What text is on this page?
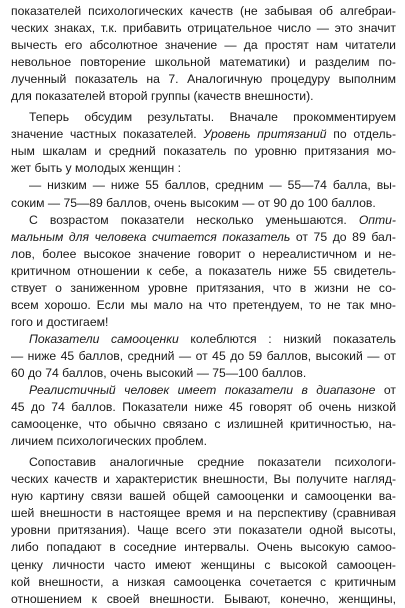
показателей психологических качеств (не забывая об алгебраи-
ческих знаках, т.к. прибавить отрицательное число — это значит
вычесть его абсолютное значение — да простят нам читатели
невольное повторение школьной математики) и разделим по-
лученный показатель на 7. Аналогичную процедуру выполним
для показателей второй группы (качеств внешности).

Теперь обсудим результаты. Вначале прокомментируем
значение частных показателей. Уровень притязаний по отдель-
ным шкалам и средний показатель по уровню притязания мо-
жет быть у молодых женщин :

— низким — ниже 55 баллов, средним — 55—74 балла, вы-
соким — 75—89 баллов, очень высоким — от 90 до 100 баллов.

С возрастом показатели несколько уменьшаются. Опти-
мальным для человека считается показатель от 75 до 89 бал-
лов, более высокое значение говорит о нереалистичном и не-
критичном отношении к себе, а показатель ниже 55 свидетель-
ствует о заниженном уровне притязания, что в жизни не со-
всем хорошо. Если мы мало на что претендуем, то не так мно-
гого и достигаем!

Показатели самооценки колеблются : низкий показатель
— ниже 45 баллов, средний — от 45 до 59 баллов, высокий — от
60 до 74 баллов, очень высокий — 75—100 баллов.

Реалистичный человек имеет показатели в диапазоне от
45 до 74 баллов. Показатели ниже 45 говорят об очень низкой
самооценке, что обычно связано с излишней критичностью, на-
личием психологических проблем.

Сопоставив аналогичные средние показатели психологи-
ческих качеств и характеристик внешности, Вы получите нагляд-
ную картину связи вашей общей самооценки и самооценки ва-
шей внешности в настоящее время и на перспективу (сравнивая
уровни притязания). Чаще всего эти показатели одной высоты,
либо попадают в соседние интервалы. Очень высокую самоо-
ценку личности часто имеют женщины с высокой самооцен-
кой внешности, а низкая самооценка сочетается с критичным
отношением к своей внешности. Бывают, конечно, женщины,
